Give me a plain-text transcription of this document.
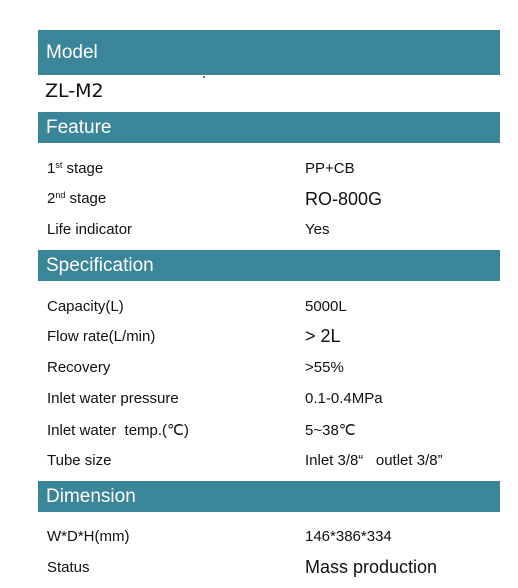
Model
ZL-M2
Feature
1st stage	PP+CB
2nd stage	RO-800G
Life indicator	Yes
Specification
Capacity(L)	5000L
Flow rate(L/min)	> 2L
Recovery	>55%
Inlet water pressure	0.1-0.4MPa
Inlet water  temp.(℃)	5~38℃
Tube size	Inlet 3/8“   outlet 3/8”
Dimension
W*D*H(mm)	146*386*334
Status	Mass production
